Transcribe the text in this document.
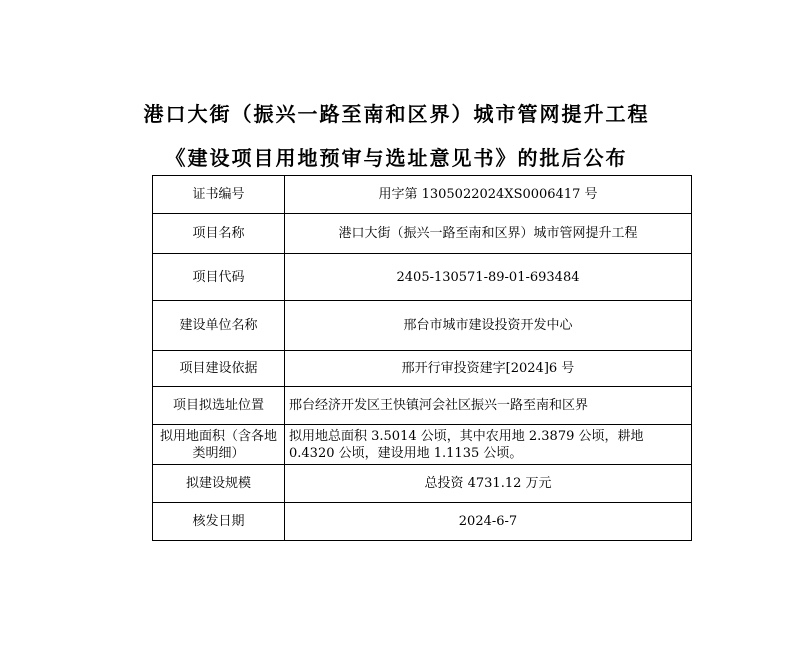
港口大街（振兴一路至南和区界）城市管网提升工程
《建设项目用地预审与选址意见书》的批后公布
证书编号	用字第 1305022024XS0006417 号
项目名称	港口大街（振兴一路至南和区界）城市管网提升工程
项目代码	2405-130571-89-01-693484
建设单位名称	邢台市城市建设投资开发中心
项目建设依据	邢开行审投资建字[2024]6 号
项目拟选址位置	邢台经济开发区王快镇河会社区振兴一路至南和区界
拟用地面积（含各地类明细）	拟用地总面积 3.5014 公顷，其中农用地 2.3879 公顷，耕地 0.4320 公顷，建设用地 1.1135 公顷。
拟建设规模	总投资 4731.12 万元
核发日期	2024-6-7
